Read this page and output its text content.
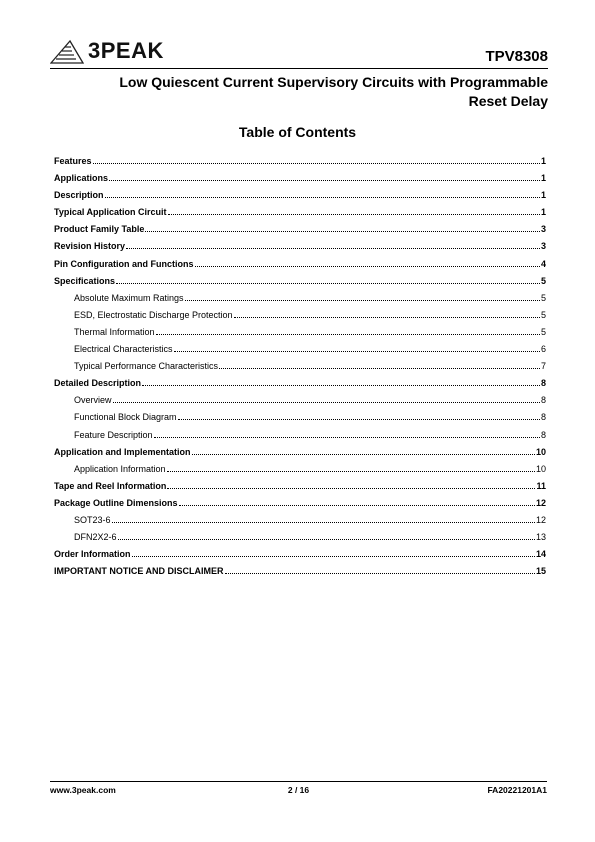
3PEAK	TPV8308
Low Quiescent Current Supervisory Circuits with Programmable Reset Delay
Table of Contents
Features	1
Applications	1
Description	1
Typical Application Circuit	1
Product Family Table	3
Revision History	3
Pin Configuration and Functions	4
Specifications	5
Absolute Maximum Ratings	5
ESD, Electrostatic Discharge Protection	5
Thermal Information	5
Electrical Characteristics	6
Typical Performance Characteristics	7
Detailed Description	8
Overview	8
Functional Block Diagram	8
Feature Description	8
Application and Implementation	10
Application Information	10
Tape and Reel Information	11
Package Outline Dimensions	12
SOT23-6	12
DFN2X2-6	13
Order Information	14
IMPORTANT NOTICE AND DISCLAIMER	15
www.3peak.com	2 / 16	FA20221201A1
